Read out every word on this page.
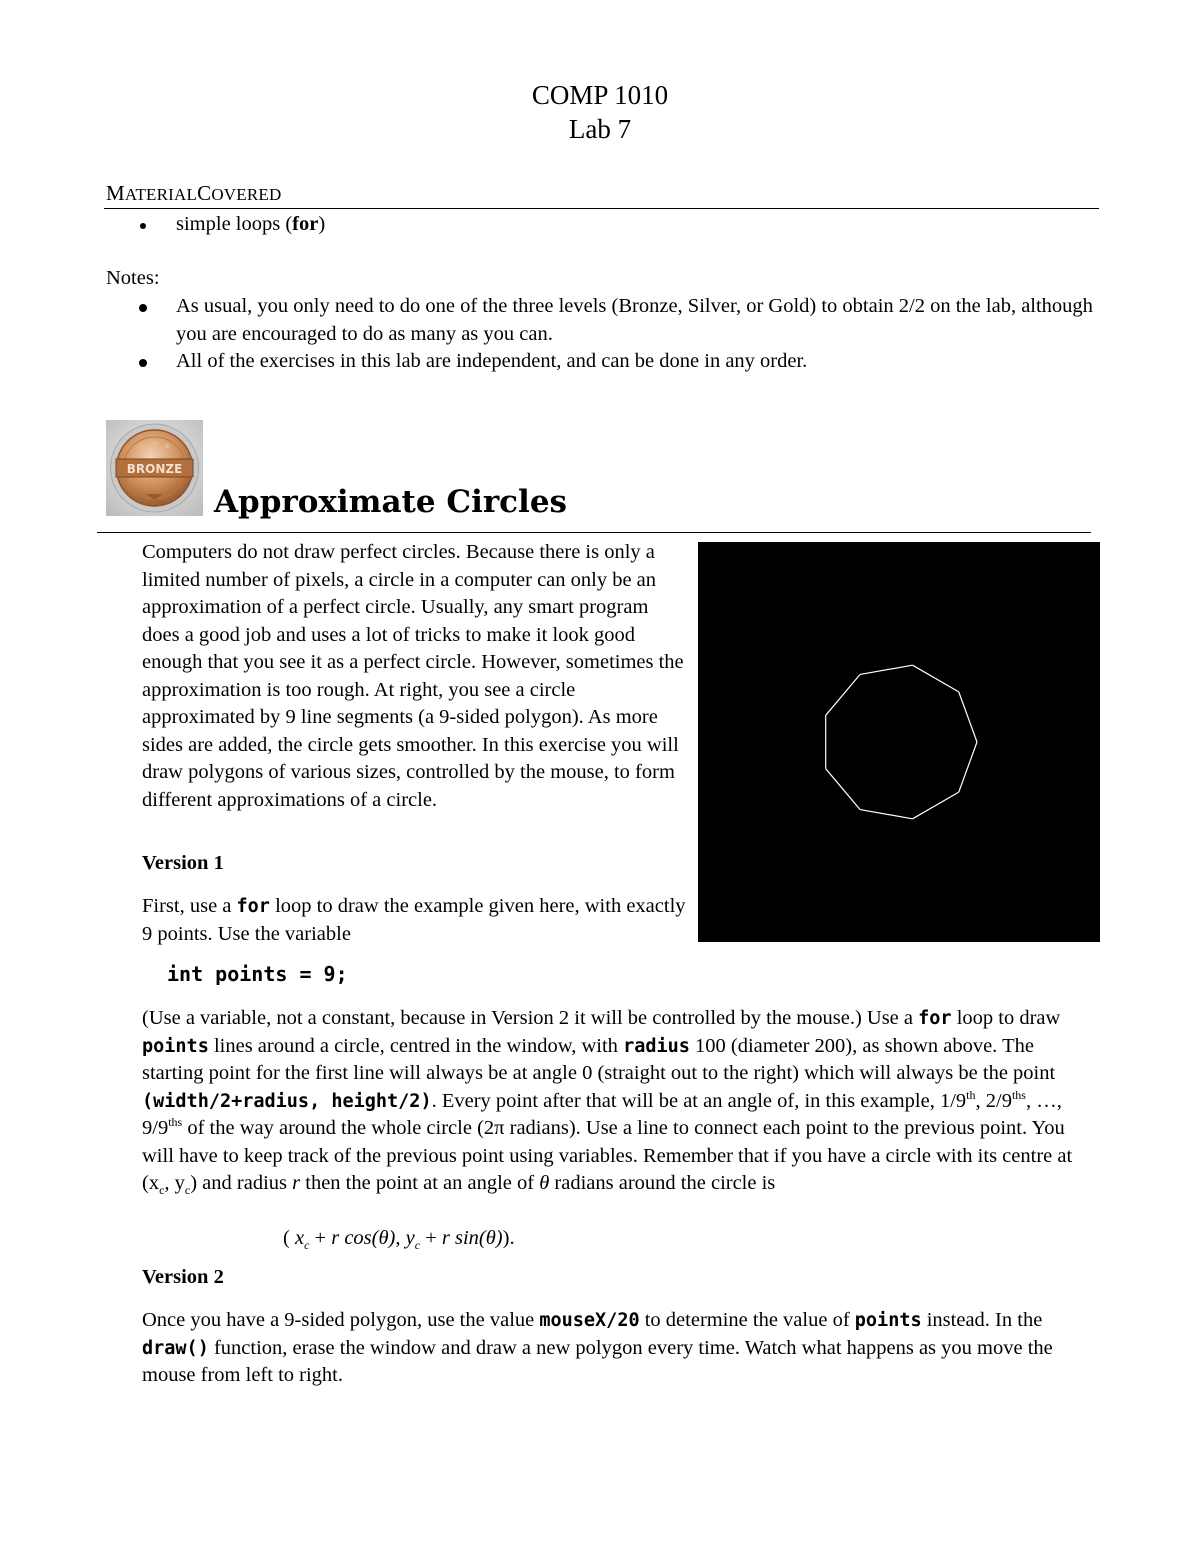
COMP 1010
Lab 7
MATERIALCOVERED
simple loops (for)
Notes:
As usual, you only need to do one of the three levels (Bronze, Silver, or Gold) to obtain 2/2 on the lab, although you are encouraged to do as many as you can.
All of the exercises in this lab are independent, and can be done in any order.
BRONZE
Approximate Circles
Computers do not draw perfect circles. Because there is only a limited number of pixels, a circle in a computer can only be an approximation of a perfect circle. Usually, any smart program does a good job and uses a lot of tricks to make it look good enough that you see it as a perfect circle. However, sometimes the approximation is too rough. At right, you see a circle approximated by 9 line segments (a 9-sided polygon). As more sides are added, the circle gets smoother. In this exercise you will draw polygons of various sizes, controlled by the mouse, to form different approximations of a circle.
Version 1
First, use a for loop to draw the example given here, with exactly 9 points. Use the variable
int points = 9;
(Use a variable, not a constant, because in Version 2 it will be controlled by the mouse.) Use a for loop to draw points lines around a circle, centred in the window, with radius 100 (diameter 200), as shown above. The starting point for the first line will always be at angle 0 (straight out to the right) which will always be the point (width/2+radius, height/2). Every point after that will be at an angle of, in this example, 1/9th, $2/9^{ths}$, …, $9/9^{ths}$ of the way around the whole circle (2π radians). Use a line to connect each point to the previous point. You will have to keep track of the previous point using variables. Remember that if you have a circle with its centre at ($x_c$, $y_c$) and radius r then the point at an angle of θ radians around the circle is
( $x_c + r$ cos(θ), $y_c + r$ sin(θ)).
Version 2
Once you have a 9-sided polygon, use the value mouseX/20 to determine the value of points instead. In the draw() function, erase the window and draw a new polygon every time. Watch what happens as you move the mouse from left to right.
